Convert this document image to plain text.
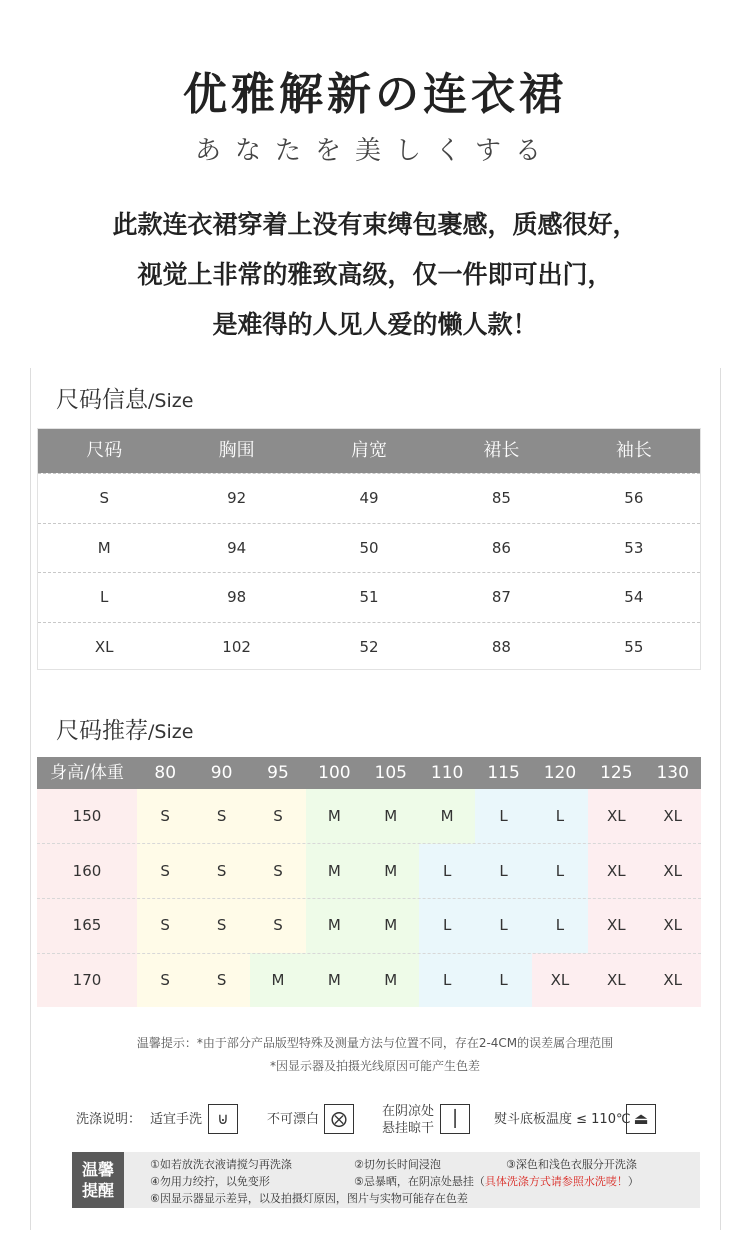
优雅解新の连衣裙
あなたを美しくする
此款连衣裙穿着上没有束缚包裹感，质感很好，
视觉上非常的雅致高级，仅一件即可出门，
是难得的人见人爱的懒人款！
尺码信息/Size
尺码	胸围	肩宽	裙长	袖长
S	92	49	85	56
M	94	50	86	53
L	98	51	87	54
XL	102	52	88	55
尺码推荐/Size
身高/体重	80	90	95	100	105	110	115	120	125	130
150	S	S	S	M	M	M	L	L	XL	XL
160	S	S	S	M	M	L	L	L	XL	XL
165	S	S	S	M	M	L	L	L	XL	XL
170	S	S	M	M	M	L	L	XL	XL	XL
温馨提示：*由于部分产品版型特殊及测量方法与位置不同，存在2-4CM的误差属合理范围
*因显示器及拍摄光线原因可能产生色差
洗涤说明： 适宜手洗 ⊍	不可漂白 ⨂	在阴凉处
悬挂晾干
⎮	熨斗底板温度 ≤ 110℃ ⏏
温馨
提醒
①如若放洗衣液请搅匀再洗涤	②切勿长时间浸泡	③深色和浅色衣服分开洗涤
④勿用力绞拧，以免变形	⑤忌暴晒，在阴凉处悬挂（具体洗涤方式请参照水洗唛！）
⑥因显示器显示差异，以及拍摄灯原因，图片与实物可能存在色差
